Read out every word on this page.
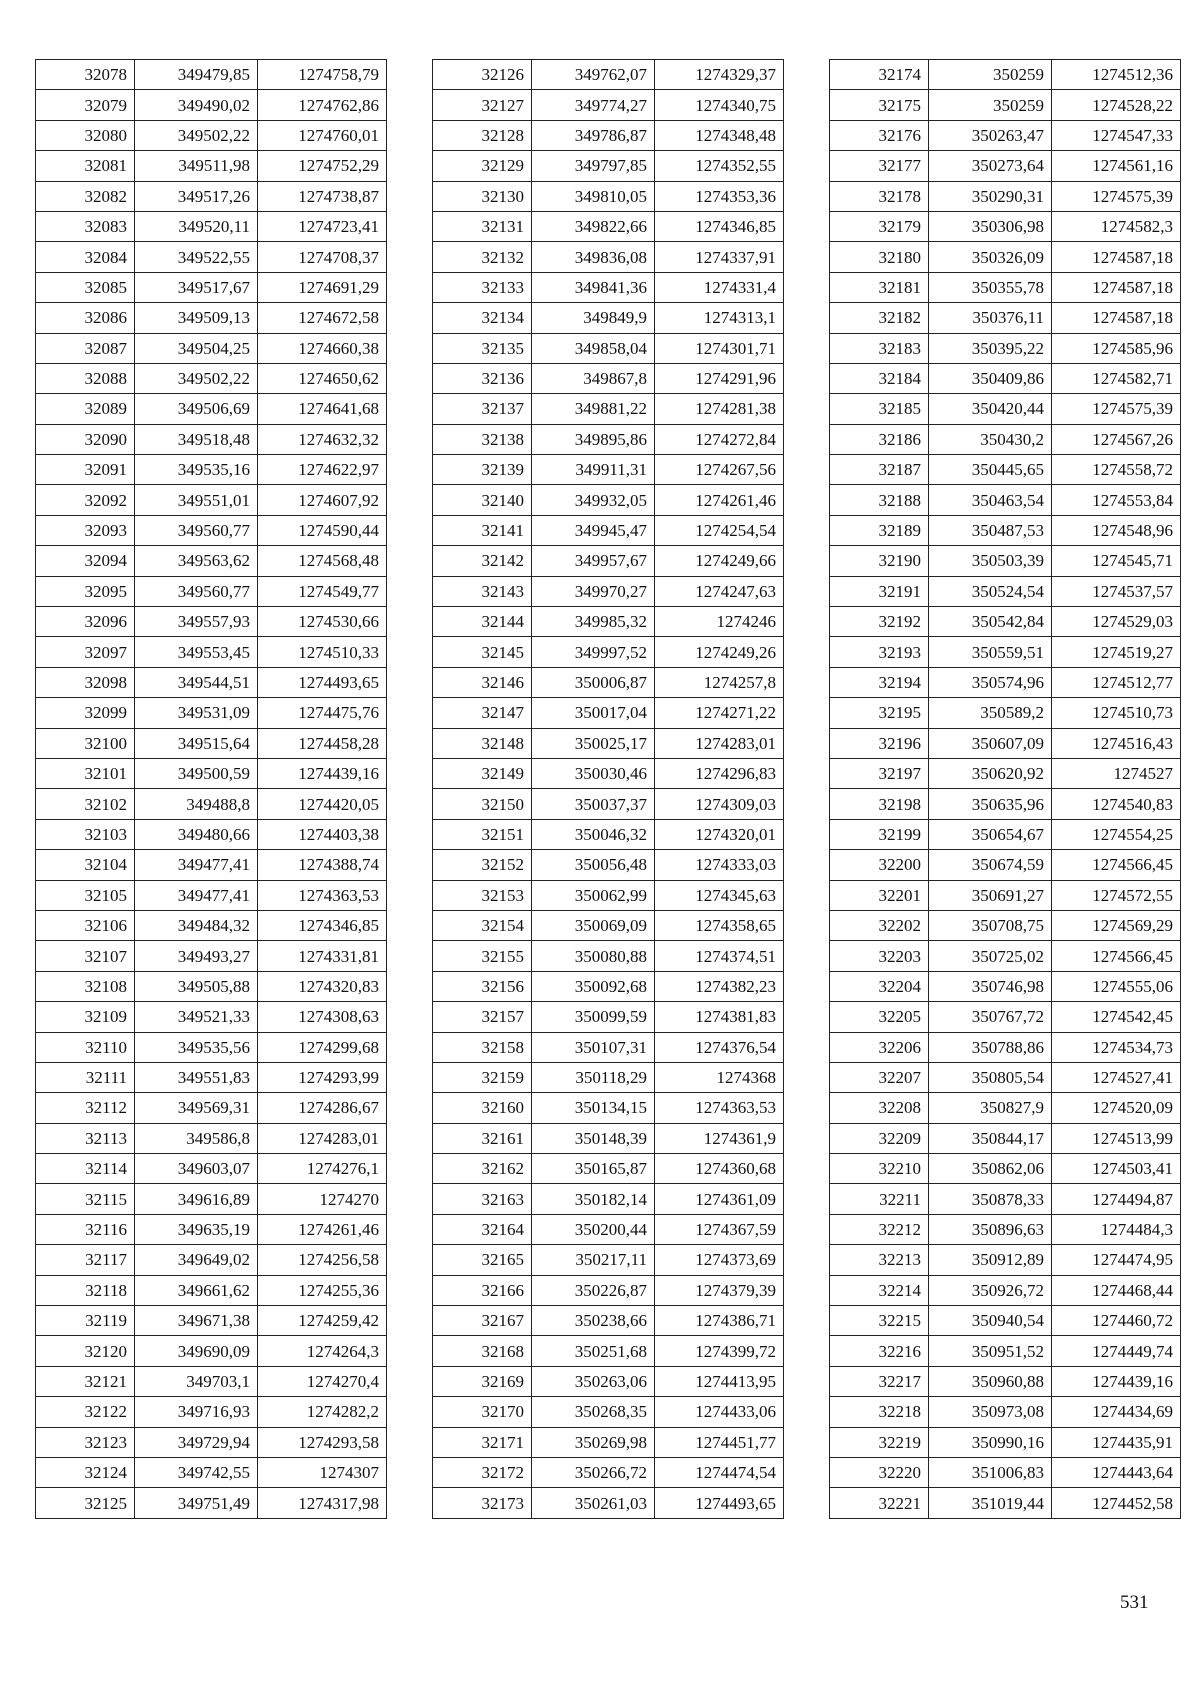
32078	349479,85	1274758,79
32079	349490,02	1274762,86
32080	349502,22	1274760,01
32081	349511,98	1274752,29
32082	349517,26	1274738,87
32083	349520,11	1274723,41
32084	349522,55	1274708,37
32085	349517,67	1274691,29
32086	349509,13	1274672,58
32087	349504,25	1274660,38
32088	349502,22	1274650,62
32089	349506,69	1274641,68
32090	349518,48	1274632,32
32091	349535,16	1274622,97
32092	349551,01	1274607,92
32093	349560,77	1274590,44
32094	349563,62	1274568,48
32095	349560,77	1274549,77
32096	349557,93	1274530,66
32097	349553,45	1274510,33
32098	349544,51	1274493,65
32099	349531,09	1274475,76
32100	349515,64	1274458,28
32101	349500,59	1274439,16
32102	349488,8	1274420,05
32103	349480,66	1274403,38
32104	349477,41	1274388,74
32105	349477,41	1274363,53
32106	349484,32	1274346,85
32107	349493,27	1274331,81
32108	349505,88	1274320,83
32109	349521,33	1274308,63
32110	349535,56	1274299,68
32111	349551,83	1274293,99
32112	349569,31	1274286,67
32113	349586,8	1274283,01
32114	349603,07	1274276,1
32115	349616,89	1274270
32116	349635,19	1274261,46
32117	349649,02	1274256,58
32118	349661,62	1274255,36
32119	349671,38	1274259,42
32120	349690,09	1274264,3
32121	349703,1	1274270,4
32122	349716,93	1274282,2
32123	349729,94	1274293,58
32124	349742,55	1274307
32125	349751,49	1274317,98
32126	349762,07	1274329,37
32127	349774,27	1274340,75
32128	349786,87	1274348,48
32129	349797,85	1274352,55
32130	349810,05	1274353,36
32131	349822,66	1274346,85
32132	349836,08	1274337,91
32133	349841,36	1274331,4
32134	349849,9	1274313,1
32135	349858,04	1274301,71
32136	349867,8	1274291,96
32137	349881,22	1274281,38
32138	349895,86	1274272,84
32139	349911,31	1274267,56
32140	349932,05	1274261,46
32141	349945,47	1274254,54
32142	349957,67	1274249,66
32143	349970,27	1274247,63
32144	349985,32	1274246
32145	349997,52	1274249,26
32146	350006,87	1274257,8
32147	350017,04	1274271,22
32148	350025,17	1274283,01
32149	350030,46	1274296,83
32150	350037,37	1274309,03
32151	350046,32	1274320,01
32152	350056,48	1274333,03
32153	350062,99	1274345,63
32154	350069,09	1274358,65
32155	350080,88	1274374,51
32156	350092,68	1274382,23
32157	350099,59	1274381,83
32158	350107,31	1274376,54
32159	350118,29	1274368
32160	350134,15	1274363,53
32161	350148,39	1274361,9
32162	350165,87	1274360,68
32163	350182,14	1274361,09
32164	350200,44	1274367,59
32165	350217,11	1274373,69
32166	350226,87	1274379,39
32167	350238,66	1274386,71
32168	350251,68	1274399,72
32169	350263,06	1274413,95
32170	350268,35	1274433,06
32171	350269,98	1274451,77
32172	350266,72	1274474,54
32173	350261,03	1274493,65
32174	350259	1274512,36
32175	350259	1274528,22
32176	350263,47	1274547,33
32177	350273,64	1274561,16
32178	350290,31	1274575,39
32179	350306,98	1274582,3
32180	350326,09	1274587,18
32181	350355,78	1274587,18
32182	350376,11	1274587,18
32183	350395,22	1274585,96
32184	350409,86	1274582,71
32185	350420,44	1274575,39
32186	350430,2	1274567,26
32187	350445,65	1274558,72
32188	350463,54	1274553,84
32189	350487,53	1274548,96
32190	350503,39	1274545,71
32191	350524,54	1274537,57
32192	350542,84	1274529,03
32193	350559,51	1274519,27
32194	350574,96	1274512,77
32195	350589,2	1274510,73
32196	350607,09	1274516,43
32197	350620,92	1274527
32198	350635,96	1274540,83
32199	350654,67	1274554,25
32200	350674,59	1274566,45
32201	350691,27	1274572,55
32202	350708,75	1274569,29
32203	350725,02	1274566,45
32204	350746,98	1274555,06
32205	350767,72	1274542,45
32206	350788,86	1274534,73
32207	350805,54	1274527,41
32208	350827,9	1274520,09
32209	350844,17	1274513,99
32210	350862,06	1274503,41
32211	350878,33	1274494,87
32212	350896,63	1274484,3
32213	350912,89	1274474,95
32214	350926,72	1274468,44
32215	350940,54	1274460,72
32216	350951,52	1274449,74
32217	350960,88	1274439,16
32218	350973,08	1274434,69
32219	350990,16	1274435,91
32220	351006,83	1274443,64
32221	351019,44	1274452,58
531
